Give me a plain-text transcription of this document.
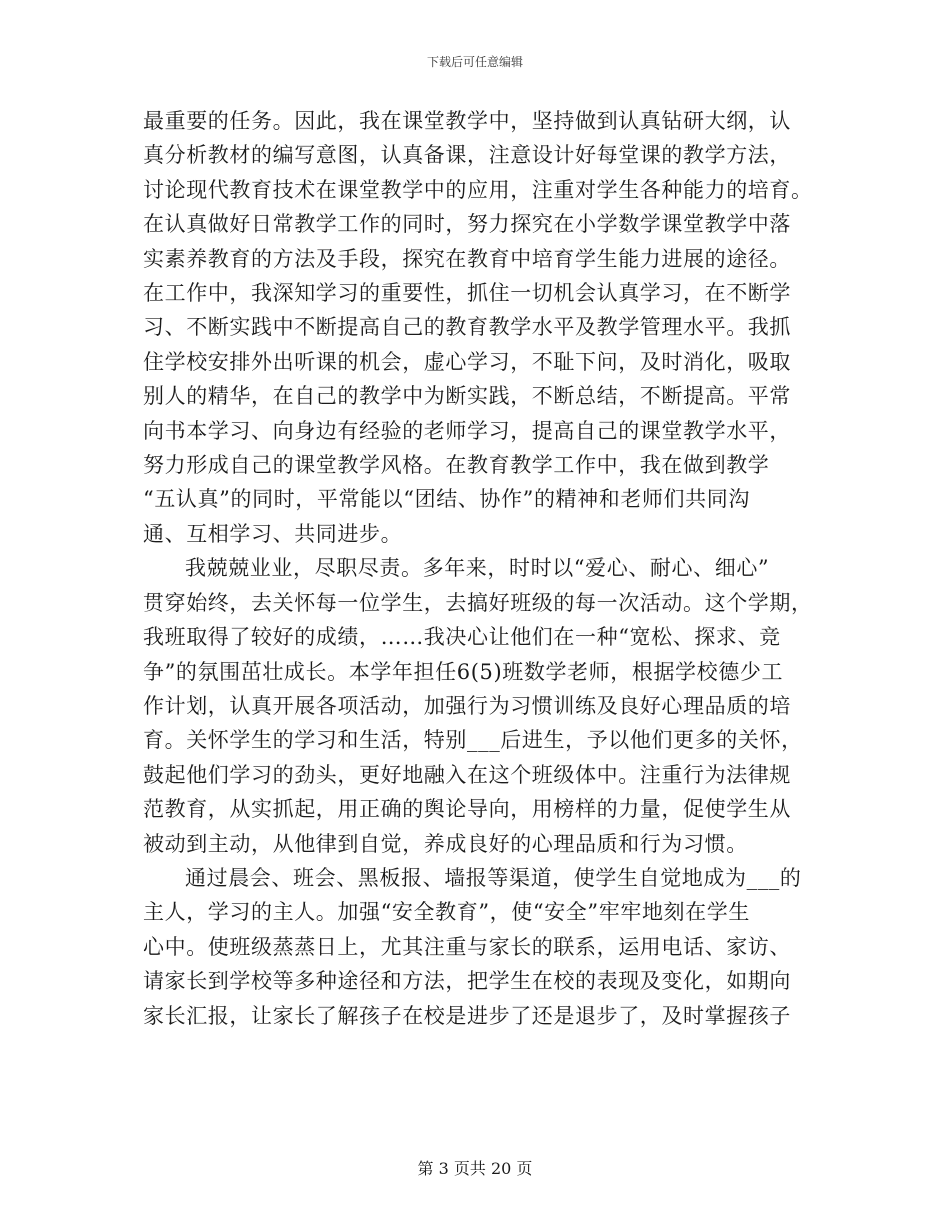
下载后可任意编辑
最重要的任务。因此，我在课堂教学中，坚持做到认真钻研大纲，认
真分析教材的编写意图，认真备课，注意设计好每堂课的教学方法，
讨论现代教育技术在课堂教学中的应用，注重对学生各种能力的培育。
在认真做好日常教学工作的同时，努力探究在小学数学课堂教学中落
实素养教育的方法及手段，探究在教育中培育学生能力进展的途径。
在工作中，我深知学习的重要性，抓住一切机会认真学习，在不断学
习、不断实践中不断提高自己的教育教学水平及教学管理水平。我抓
住学校安排外出听课的机会，虚心学习，不耻下问，及时消化，吸取
别人的精华，在自己的教学中为断实践，不断总结，不断提高。平常
向书本学习、向身边有经验的老师学习，提高自己的课堂教学水平，
努力形成自己的课堂教学风格。在教育教学工作中，我在做到教学
“五认真”的同时，平常能以“团结、协作”的精神和老师们共同沟
通、互相学习、共同进步。
我兢兢业业，尽职尽责。多年来，时时以“爱心、耐心、细心”
贯穿始终，去关怀每一位学生，去搞好班级的每一次活动。这个学期，
我班取得了较好的成绩，……我决心让他们在一种“宽松、探求、竞
争”的氛围茁壮成长。本学年担任6(5)班数学老师，根据学校德少工
作计划，认真开展各项活动，加强行为习惯训练及良好心理品质的培
育。关怀学生的学习和生活，特别___后进生，予以他们更多的关怀，
鼓起他们学习的劲头，更好地融入在这个班级体中。注重行为法律规
范教育，从实抓起，用正确的舆论导向，用榜样的力量，促使学生从
被动到主动，从他律到自觉，养成良好的心理品质和行为习惯。
通过晨会、班会、黑板报、墙报等渠道，使学生自觉地成为___的
主人，学习的主人。加强“安全教育”，使“安全”牢牢地刻在学生
心中。使班级蒸蒸日上，尤其注重与家长的联系，运用电话、家访、
请家长到学校等多种途径和方法，把学生在校的表现及变化，如期向
家长汇报，让家长了解孩子在校是进步了还是退步了，及时掌握孩子
第 3 页共 20 页
